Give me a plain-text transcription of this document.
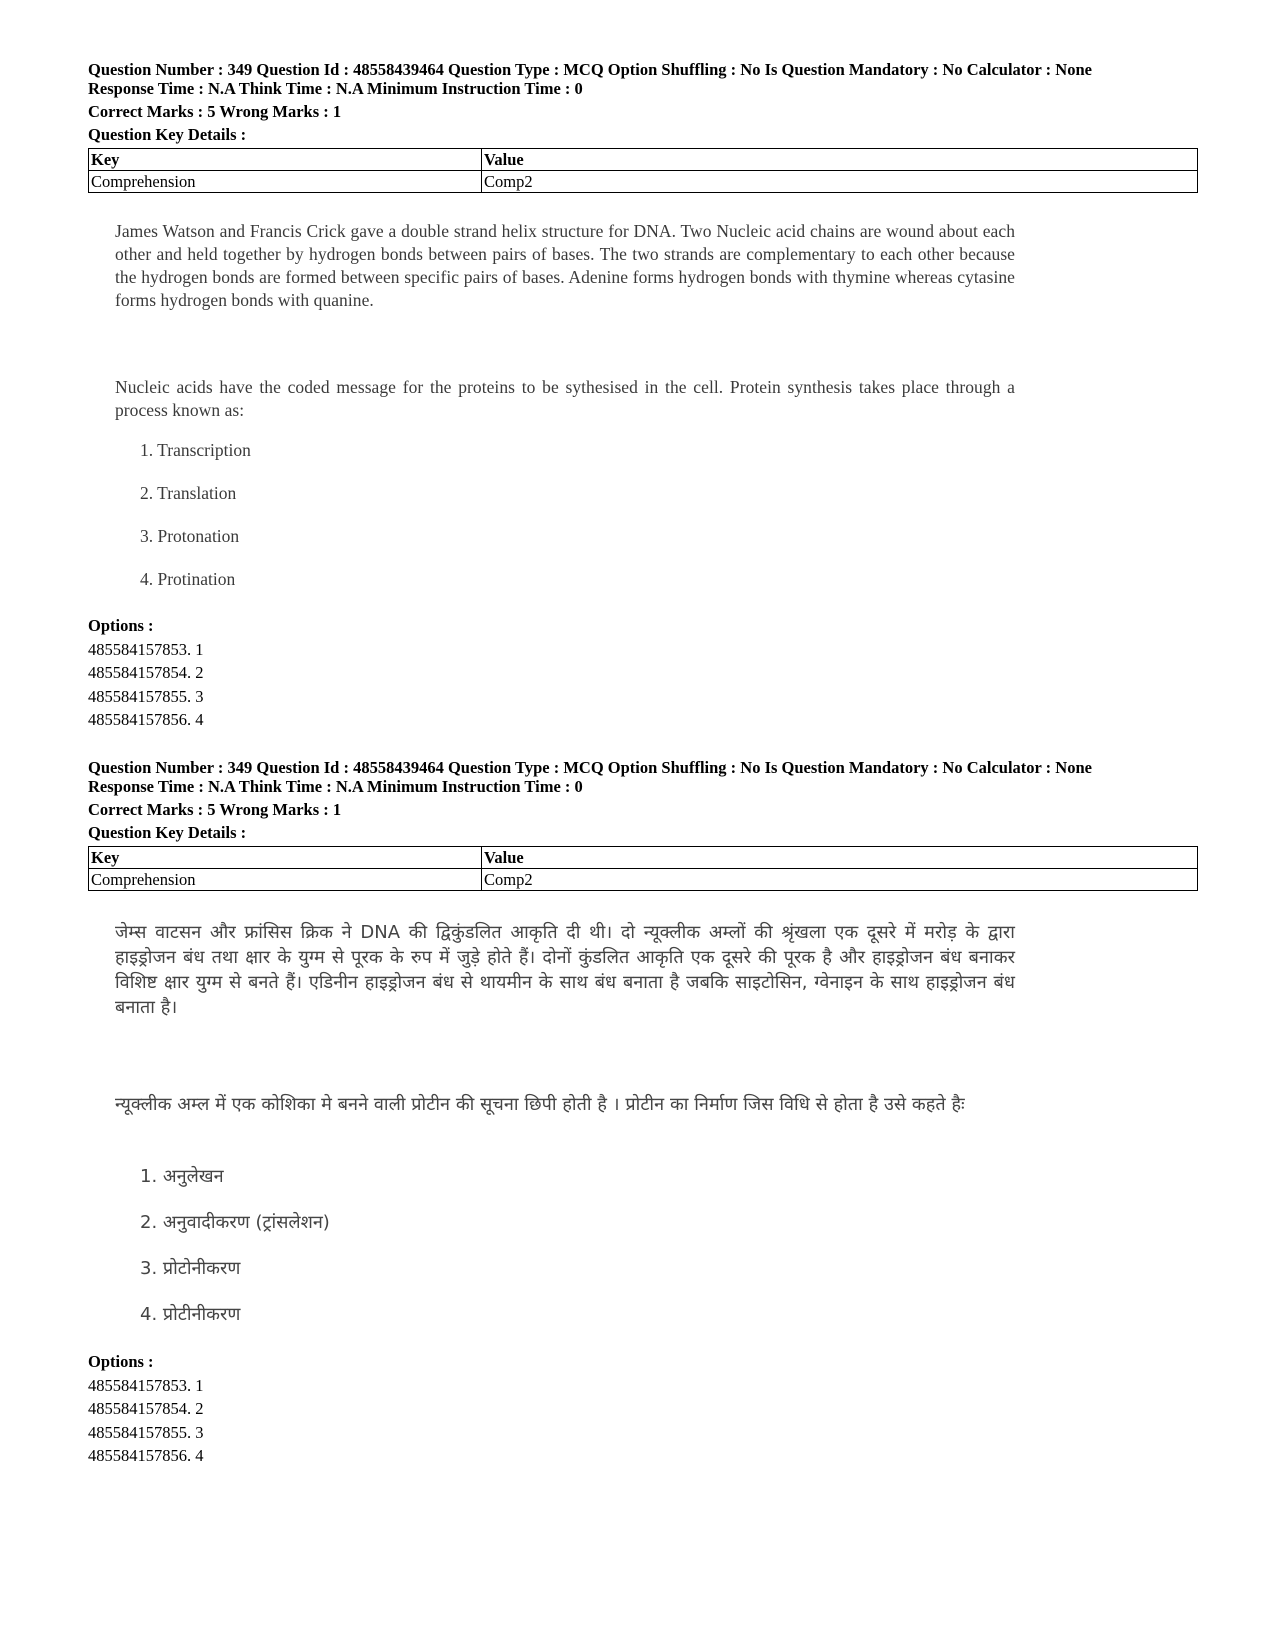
Question Number : 349 Question Id : 48558439464 Question Type : MCQ Option Shuffling : No Is Question Mandatory : No Calculator : None
Response Time : N.A Think Time : N.A Minimum Instruction Time : 0
Correct Marks : 5 Wrong Marks : 1
Question Key Details :
Key	Value
Comprehension	Comp2
James Watson and Francis Crick gave a double strand helix structure for DNA. Two Nucleic acid chains are wound about each other and held together by hydrogen bonds between pairs of bases. The two strands are complementary to each other because the hydrogen bonds are formed between specific pairs of bases. Adenine forms hydrogen bonds with thymine whereas cytasine forms hydrogen bonds with quanine.
Nucleic acids have the coded message for the proteins to be sythesised in the cell. Protein synthesis takes place through a process known as:
1. Transcription
2. Translation
3. Protonation
4. Protination
Options :
485584157853. 1
485584157854. 2
485584157855. 3
485584157856. 4
Question Number : 349 Question Id : 48558439464 Question Type : MCQ Option Shuffling : No Is Question Mandatory : No Calculator : None
Response Time : N.A Think Time : N.A Minimum Instruction Time : 0
Correct Marks : 5 Wrong Marks : 1
Question Key Details :
Key	Value
Comprehension	Comp2
जेम्स वाटसन और फ्रांसिस क्रिक ने DNA की द्विकुंडलित आकृति दी थी। दो न्यूक्लीक अम्लों की श्रृंखला एक दूसरे में मरोड़ के द्वारा हाइड्रोजन बंध तथा क्षार के युग्म से पूरक के रुप में जुड़े होते हैं। दोनों कुंडलित आकृति एक दूसरे की पूरक है और हाइड्रोजन बंध बनाकर विशिष्ट क्षार युग्म से बनते हैं। एडिनीन हाइड्रोजन बंध से थायमीन के साथ बंध बनाता है जबकि साइटोसिन, ग्वेनाइन के साथ हाइड्रोजन बंध बनाता है।
न्यूक्लीक अम्ल में एक कोशिका मे बनने वाली प्रोटीन की सूचना छिपी होती है । प्रोटीन का निर्माण जिस विधि से होता है उसे कहते हैः
1. अनुलेखन
2. अनुवादीकरण (ट्रांसलेशन)
3. प्रोटोनीकरण
4. प्रोटीनीकरण
Options :
485584157853. 1
485584157854. 2
485584157855. 3
485584157856. 4
